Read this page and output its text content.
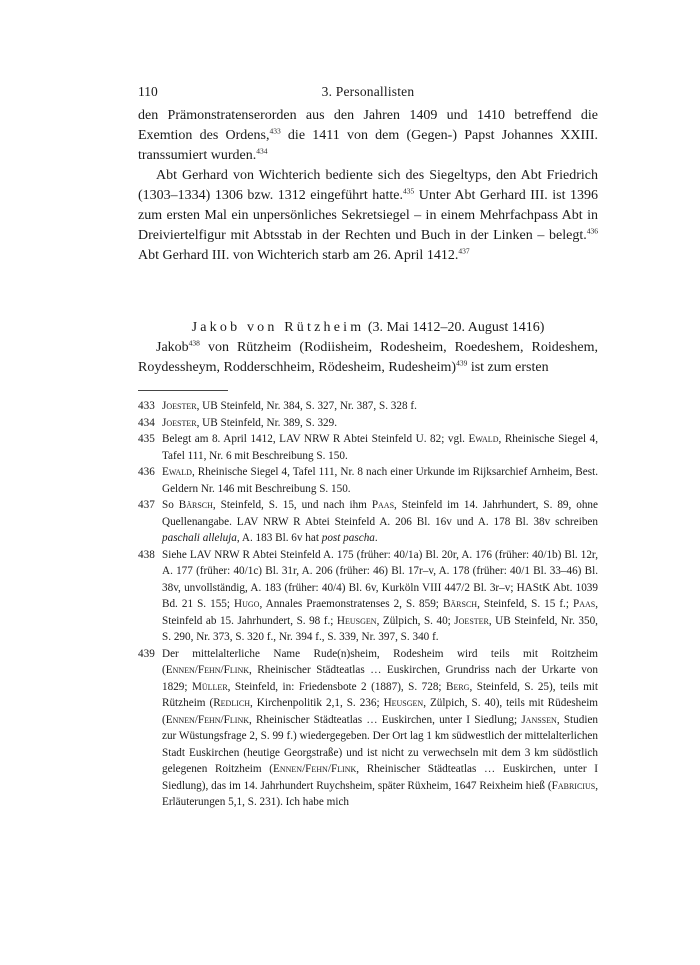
110	3. Personallisten

den Prämonstratenserorden aus den Jahren 1409 und 1410 betreffend die Exemtion des Ordens,$^{433}$ die 1411 von dem (Gegen-) Papst Johannes XXIII. transsumiert wurden.$^{434}$

Abt Gerhard von Wichterich bediente sich des Siegeltyps, den Abt Friedrich (1303–1334) 1306 bzw. 1312 eingeführt hatte.$^{435}$ Unter Abt Gerhard III. ist 1396 zum ersten Mal ein unpersönliches Sekretsiegel – in einem Mehrfachpass Abt in Dreiviertelfigur mit Abtsstab in der Rechten und Buch in der Linken – belegt.$^{436}$ Abt Gerhard III. von Wichterich starb am 26. April 1412.$^{437}$

Jakob von Rützheim (3. Mai 1412–20. August 1416)

Jakob$^{438}$ von Rützheim (Rodiisheim, Rodesheim, Roedeshem, Roideshem, Roydessheym, Rodderschheim, Rödesheim, Rudesheim)$^{439}$ ist zum ersten

433 Joester, UB Steinfeld, Nr. 384, S. 327, Nr. 387, S. 328 f.
434 Joester, UB Steinfeld, Nr. 389, S. 329.
435 Belegt am 8. April 1412, LAV NRW R Abtei Steinfeld U. 82; vgl. Ewald, Rheinische Siegel 4, Tafel 111, Nr. 6 mit Beschreibung S. 150.
436 Ewald, Rheinische Siegel 4, Tafel 111, Nr. 8 nach einer Urkunde im Rijksarchief Arnheim, Best. Geldern Nr. 146 mit Beschreibung S. 150.
437 So Bärsch, Steinfeld, S. 15, und nach ihm Paas, Steinfeld im 14. Jahrhundert, S. 89, ohne Quellenangabe. LAV NRW R Abtei Steinfeld A. 206 Bl. 16v und A. 178 Bl. 38v schreiben paschali alleluja, A. 183 Bl. 6v hat post pascha.
438 Siehe LAV NRW R Abtei Steinfeld A. 175 (früher: 40/1a) Bl. 20r, A. 176 (früher: 40/1b) Bl. 12r, A. 177 (früher: 40/1c) Bl. 31r, A. 206 (früher: 46) Bl. 17r–v, A. 178 (früher: 40/1 Bl. 33–46) Bl. 38v, unvollständig, A. 183 (früher: 40/4) Bl. 6v, Kurköln VIII 447/2 Bl. 3r–v; HAStK Abt. 1039 Bd. 21 S. 155; Hugo, Annales Praemonstratenses 2, S. 859; Bärsch, Steinfeld, S. 15 f.; Paas, Steinfeld ab 15. Jahrhundert, S. 98 f.; Heusgen, Zülpich, S. 40; Joester, UB Steinfeld, Nr. 350, S. 290, Nr. 373, S. 320 f., Nr. 394 f., S. 339, Nr. 397, S. 340 f.
439 Der mittelalterliche Name Rude(n)sheim, Rodesheim wird teils mit Roitzheim (Ennen/Fehn/Flink, Rheinischer Städteatlas … Euskirchen, Grundriss nach der Urkarte von 1829; Müller, Steinfeld, in: Friedensbote 2 (1887), S. 728; Berg, Steinfeld, S. 25), teils mit Rützheim (Redlich, Kirchenpolitik 2,1, S. 236; Heusgen, Zülpich, S. 40), teils mit Rüdesheim (Ennen/Fehn/Flink, Rheinischer Städteatlas … Euskirchen, unter I Siedlung; Janssen, Studien zur Wüstungsfrage 2, S. 99 f.) wiedergegeben. Der Ort lag 1 km südwestlich der mittelalterlichen Stadt Euskirchen (heutige Georgstraße) und ist nicht zu verwechseln mit dem 3 km südöstlich gelegenen Roitzheim (Ennen/Fehn/Flink, Rheinischer Städteatlas … Euskirchen, unter I Siedlung), das im 14. Jahrhundert Ruychsheim, später Rüxheim, 1647 Reixheim hieß (Fabricius, Erläuterungen 5,1, S. 231). Ich habe mich
